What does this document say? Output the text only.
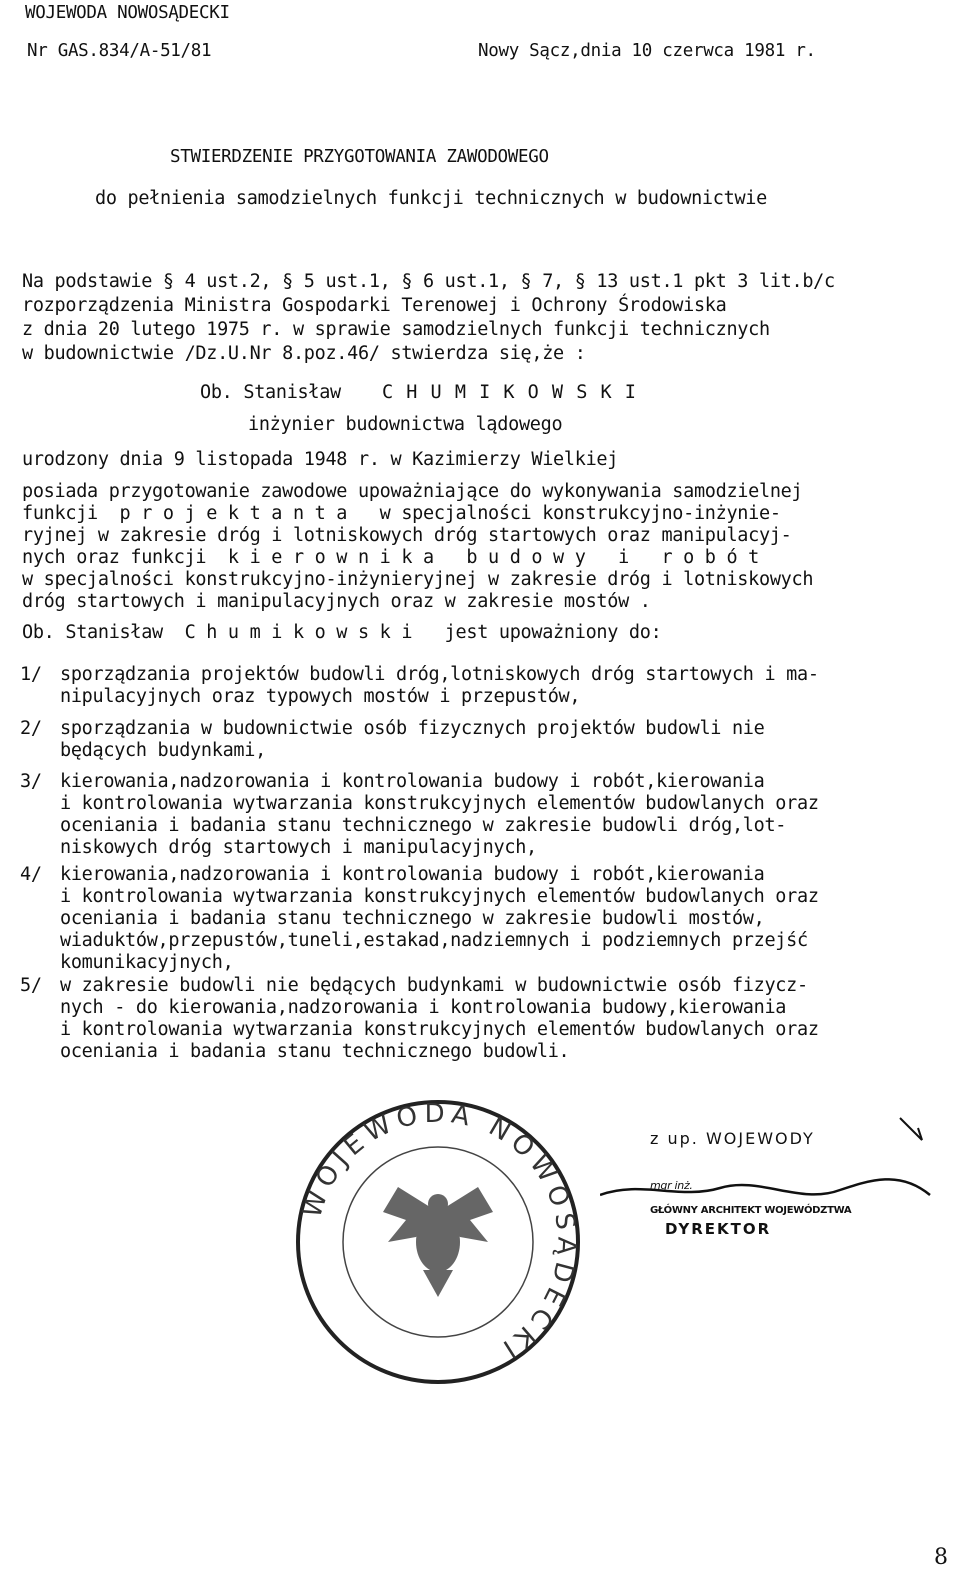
WOJEWODA NOWOSĄDECKI
Nr GAS.834/A-51/81	Nowy Sącz,dnia 10 czerwca 1981 r.
STWIERDZENIE PRZYGOTOWANIA ZAWODOWEGO
do pełnienia samodzielnych funkcji technicznych w budownictwie
Na podstawie § 4 ust.2, § 5 ust.1, § 6 ust.1, § 7, § 13 ust.1 pkt 3 lit.b/c
rozporządzenia Ministra Gospodarki Terenowej i Ochrony Środowiska
z dnia 20 lutego 1975 r. w sprawie samodzielnych funkcji technicznych
w budownictwie /Dz.U.Nr 8.poz.46/ stwierdza się,że :
Ob. Stanisław C H U M I K O W S K I
inżynier budownictwa lądowego
urodzony dnia 9 listopada 1948 r. w Kazimierzy Wielkiej
posiada przygotowanie zawodowe upoważniające do wykonywania samodzielnej
funkcji  p r o j e k t a n t a   w specjalności konstrukcyjno-inżynie-
ryjnej w zakresie dróg i lotniskowych dróg startowych oraz manipulacyj-
nych oraz funkcji  k i e r o w n i k a   b u d o w y   i   r o b ó t
w specjalności konstrukcyjno-inżynieryjnej w zakresie dróg i lotniskowych
dróg startowych i manipulacyjnych oraz w zakresie mostów .
Ob. Stanisław  C h u m i k o w s k i   jest upoważniony do:
1/ sporządzania projektów budowli dróg,lotniskowych dróg startowych i ma-
nipulacyjnych oraz typowych mostów i przepustów,
2/ sporządzania w budownictwie osób fizycznych projektów budowli nie
będących budynkami,
3/ kierowania,nadzorowania i kontrolowania budowy i robót,kierowania
i kontrolowania wytwarzania konstrukcyjnych elementów budowlanych oraz
oceniania i badania stanu technicznego w zakresie budowli dróg,lot-
niskowych dróg startowych i manipulacyjnych,
4/ kierowania,nadzorowania i kontrolowania budowy i robót,kierowania
i kontrolowania wytwarzania konstrukcyjnych elementów budowlanych oraz
oceniania i badania stanu technicznego w zakresie budowli mostów,
wiaduktów,przepustów,tuneli,estakad,nadziemnych i podziemnych przejść
komunikacyjnych,
5/ w zakresie budowli nie będących budynkami w budownictwie osób fizycz-
nych - do kierowania,nadzorowania i kontrolowania budowy,kierowania
i kontrolowania wytwarzania konstrukcyjnych elementów budowlanych oraz
oceniania i badania stanu technicznego budowli.
WOJEWODA NOWOSĄDECKI
z up. WOJEWODY
mgr inż.
GŁÓWNY ARCHITEKT WOJEWÓDZTWA
DYREKTOR
8
